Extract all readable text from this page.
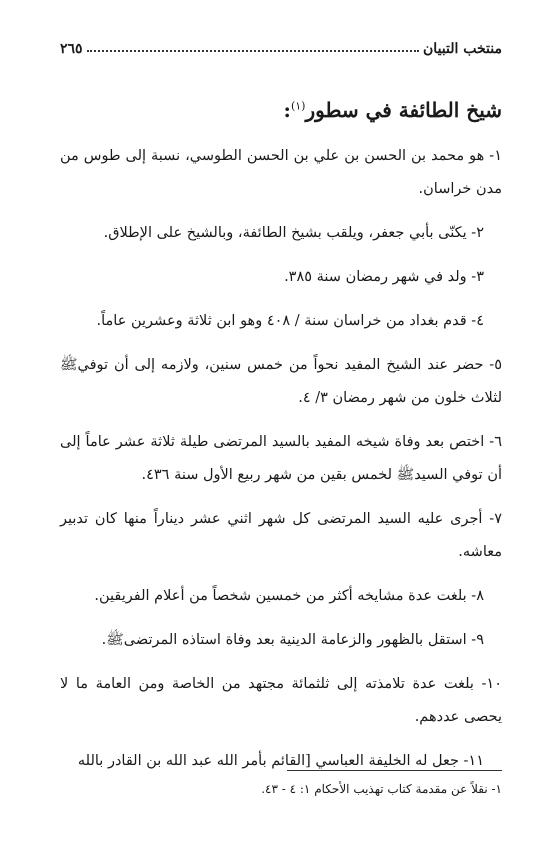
منتخب التبيان
٢٦٥
شيخ الطائفة في سطور$^{(١)}$:

١- هو محمد بن الحسن بن علي بن الحسن الطوسي، نسبة إلى طوس من مدن خراسان.

٢- يكنّى بأبي جعفر، ويلقب بشيخ الطائفة، وبالشيخ على الإطلاق.

٣- ولد في شهر رمضان سنة ٣٨٥.

٤- قدم بغداد من خراسان سنة / ٤٠٨ وهو ابن ثلاثة وعشرين عاماً.

٥- حضر عند الشيخ المفيد نحواً من خمس سنين، ولازمه إلى أن توفيﷺ لثلاث خلون من شهر رمضان ٣/ ٤.

٦- اختص بعد وفاة شيخه المفيد بالسيد المرتضى طيلة ثلاثة عشر عاماً إلى أن توفي السيدﷺ لخمس بقين من شهر ربيع الأول سنة ٤٣٦.

٧- أجرى عليه السيد المرتضى كل شهر اثني عشر ديناراً منها كان تدبير معاشه.

٨- بلغت عدة مشايخه أكثر من خمسين شخصاً من أعلام الفريقين.

٩- استقل بالظهور والزعامة الدينية بعد وفاة استاذه المرتضىﷺ.

١٠- بلغت عدة تلامذته إلى ثلثمائة مجتهد من الخاصة ومن العامة ما لا يحصى عددهم.

١١- جعل له الخليفة العباسي [القائم بأمر الله عبد الله بن القادر بالله

١- نقلاً عن مقدمة كتاب تهذيب الأحكام ١: ٤ - ٤٣.
